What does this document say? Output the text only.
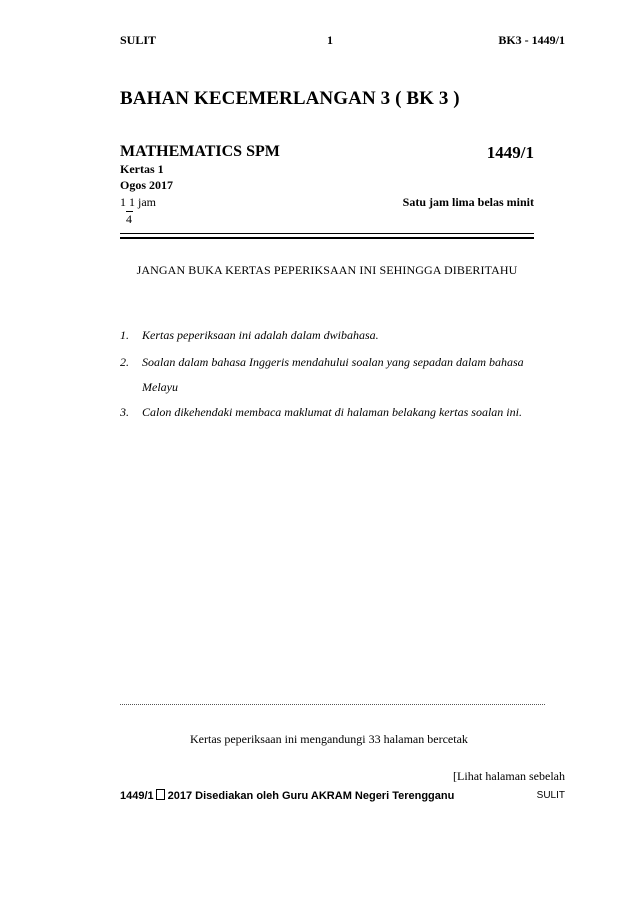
SULIT	1	BK3 - 1449/1
BAHAN KECEMERLANGAN 3 ( BK 3 )
MATHEMATICS SPM	1449/1
Kertas 1
Ogos 2017
1 1 jam
4
Satu jam lima belas minit
JANGAN BUKA KERTAS PEPERIKSAAN INI SEHINGGA DIBERITAHU
1. Kertas peperiksaan ini adalah dalam dwibahasa.
2. Soalan dalam bahasa Inggeris mendahului soalan yang sepadan dalam bahasa
Melayu
3. Calon dikehendaki membaca maklumat di halaman belakang kertas soalan ini.
Kertas peperiksaan ini mengandungi 33 halaman bercetak
[Lihat halaman sebelah
1449/1 2017 Disediakan oleh Guru AKRAM Negeri Terengganu	SULIT
